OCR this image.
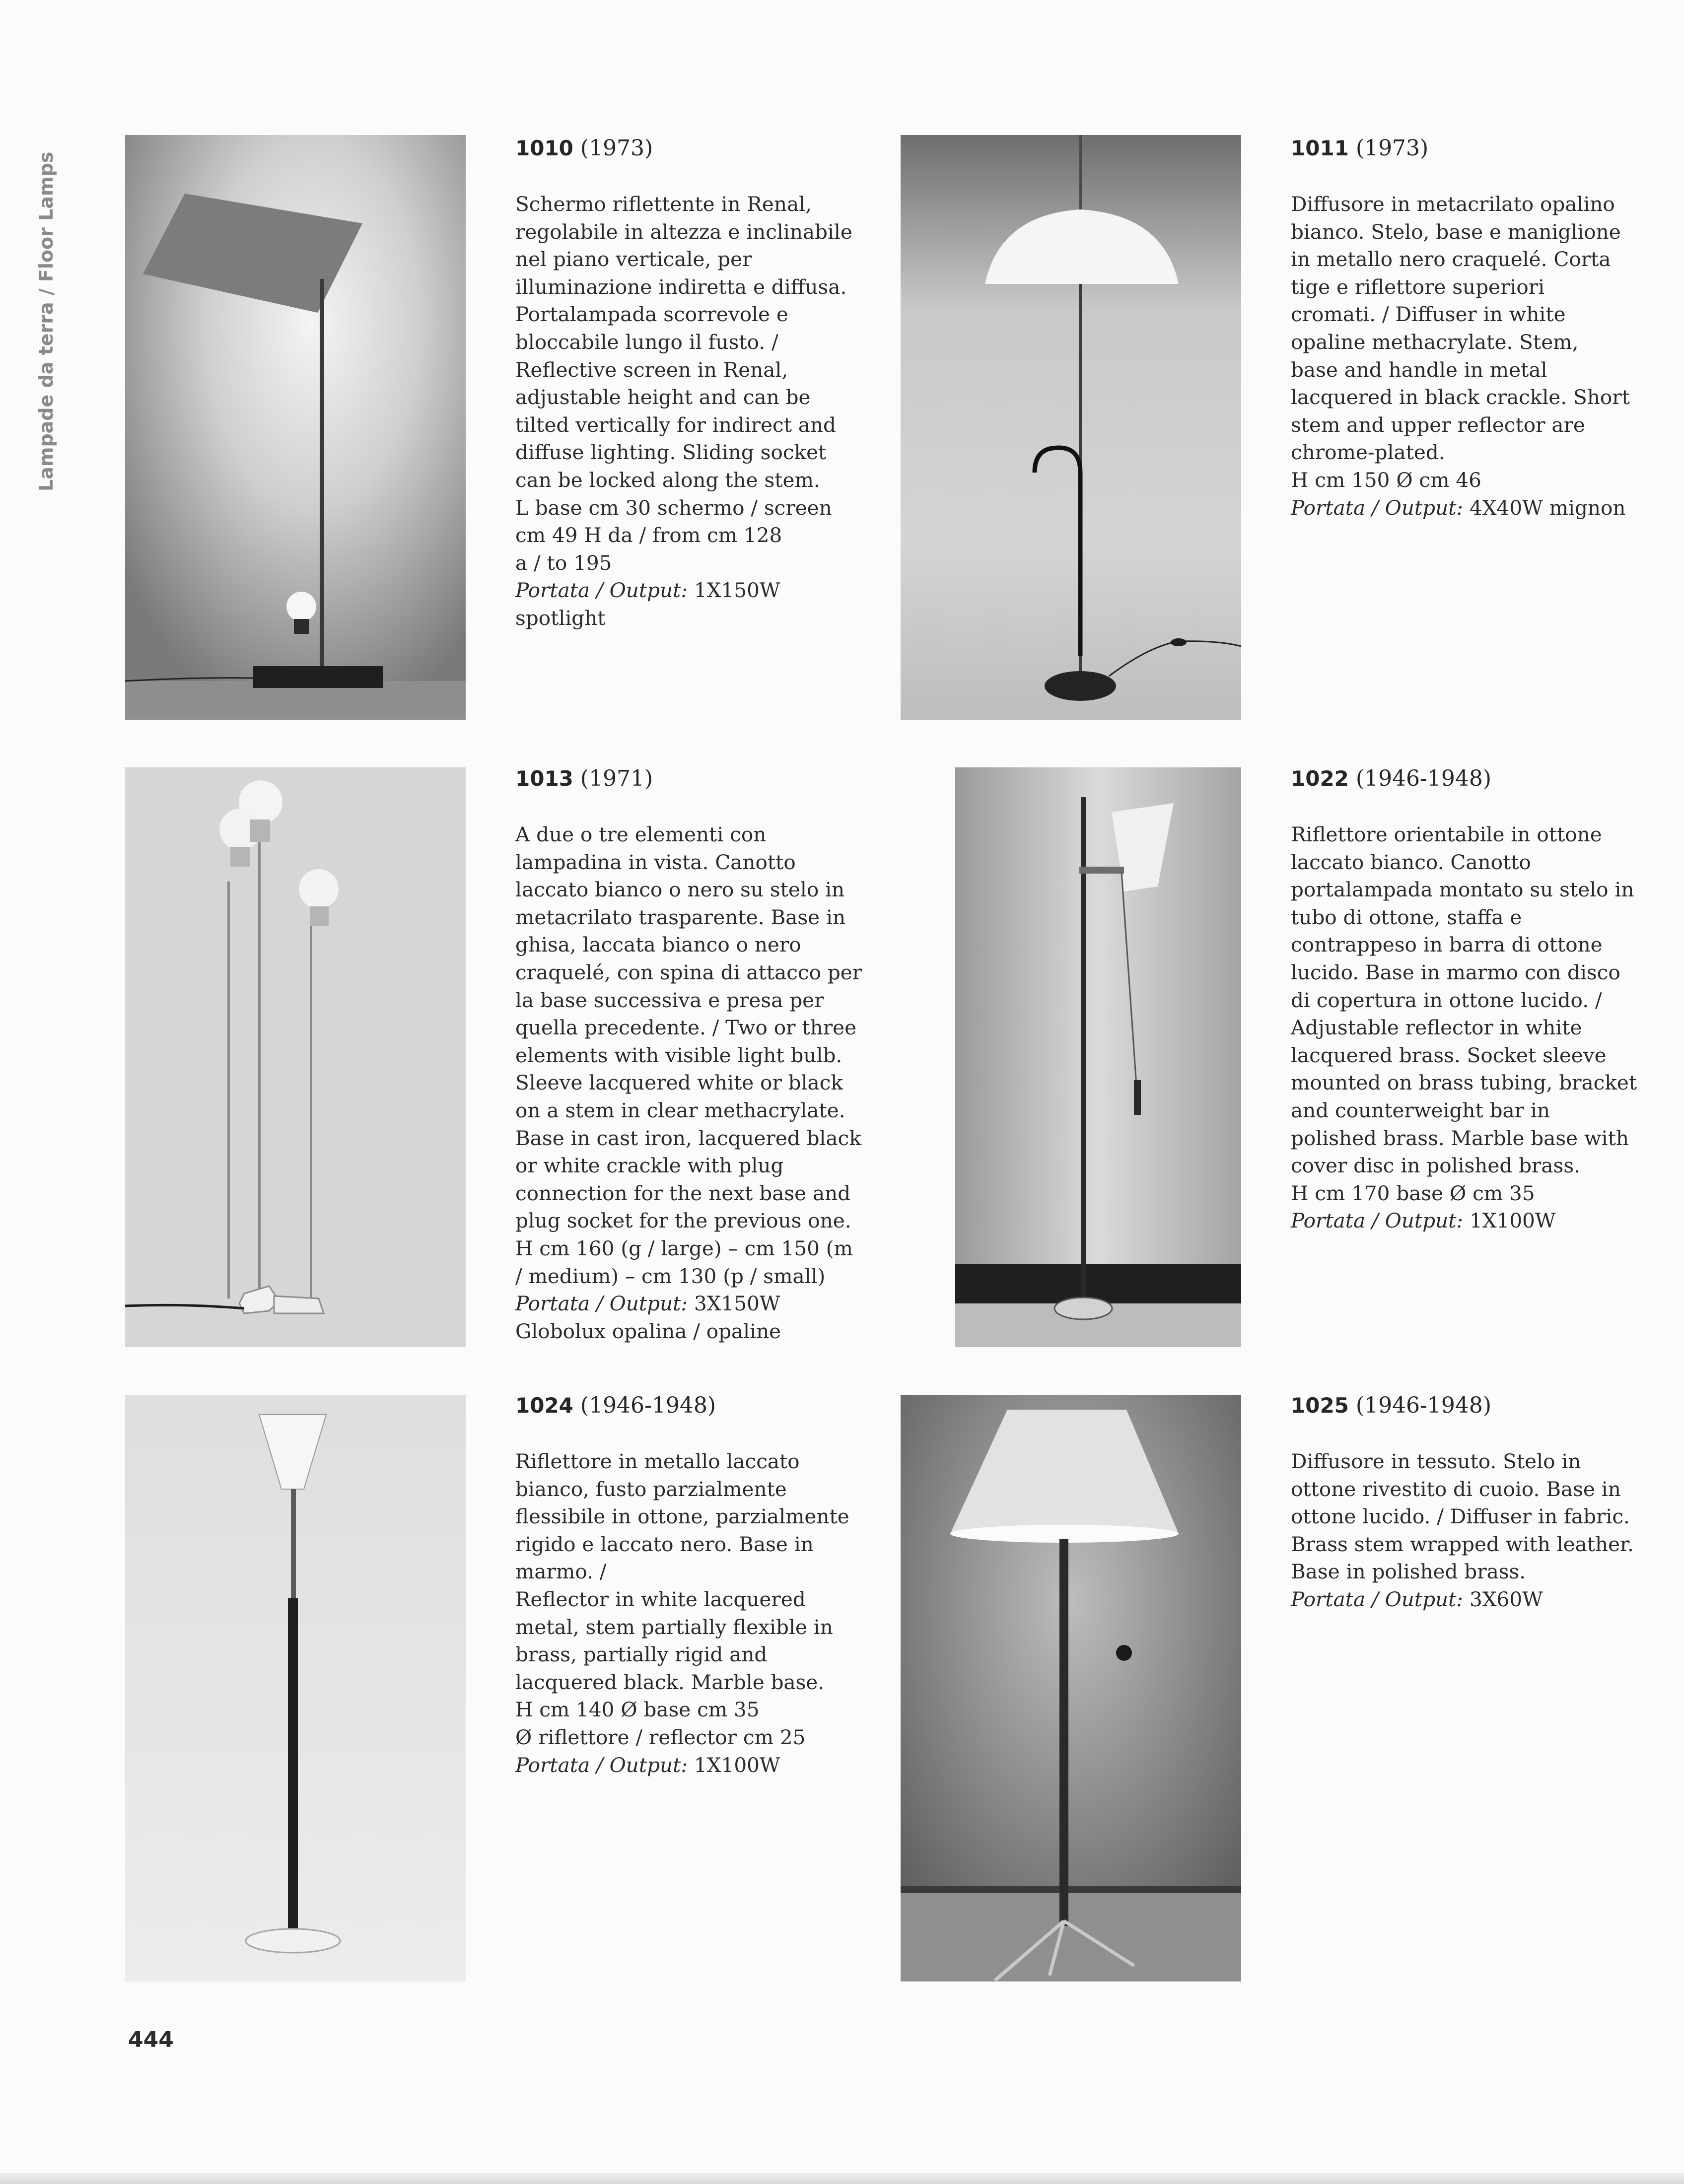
Lampade da terra / Floor Lamps
1010 (1973)
Schermo riflettente in Renal,
regolabile in altezza e inclinabile
nel piano verticale, per
illuminazione indiretta e diffusa.
Portalampada scorrevole e
bloccabile lungo il fusto. /
Reflective screen in Renal,
adjustable height and can be
tilted vertically for indirect and
diffuse lighting. Sliding socket
can be locked along the stem.
L base cm 30 schermo / screen
cm 49 H da / from cm 128
a / to 195
Portata / Output: 1X150W
spotlight
1011 (1973)
Diffusore in metacrilato opalino
bianco. Stelo, base e maniglione
in metallo nero craquelé. Corta
tige e riflettore superiori
cromati. / Diffuser in white
opaline methacrylate. Stem,
base and handle in metal
lacquered in black crackle. Short
stem and upper reflector are
chrome-plated.
H cm 150 Ø cm 46
Portata / Output: 4X40W mignon
1013 (1971)
A due o tre elementi con
lampadina in vista. Canotto
laccato bianco o nero su stelo in
metacrilato trasparente. Base in
ghisa, laccata bianco o nero
craquelé, con spina di attacco per
la base successiva e presa per
quella precedente. / Two or three
elements with visible light bulb.
Sleeve lacquered white or black
on a stem in clear methacrylate.
Base in cast iron, lacquered black
or white crackle with plug
connection for the next base and
plug socket for the previous one.
H cm 160 (g / large) – cm 150 (m
/ medium) – cm 130 (p / small)
Portata / Output: 3X150W
Globolux opalina / opaline
1022 (1946-1948)
Riflettore orientabile in ottone
laccato bianco. Canotto
portalampada montato su stelo in
tubo di ottone, staffa e
contrappeso in barra di ottone
lucido. Base in marmo con disco
di copertura in ottone lucido. /
Adjustable reflector in white
lacquered brass. Socket sleeve
mounted on brass tubing, bracket
and counterweight bar in
polished brass. Marble base with
cover disc in polished brass.
H cm 170 base Ø cm 35
Portata / Output: 1X100W
1024 (1946-1948)
Riflettore in metallo laccato
bianco, fusto parzialmente
flessibile in ottone, parzialmente
rigido e laccato nero. Base in
marmo. /
Reflector in white lacquered
metal, stem partially flexible in
brass, partially rigid and
lacquered black. Marble base.
H cm 140 Ø base cm 35
Ø riflettore / reflector cm 25
Portata / Output: 1X100W
1025 (1946-1948)
Diffusore in tessuto. Stelo in
ottone rivestito di cuoio. Base in
ottone lucido. / Diffuser in fabric.
Brass stem wrapped with leather.
Base in polished brass.
Portata / Output: 3X60W
444
